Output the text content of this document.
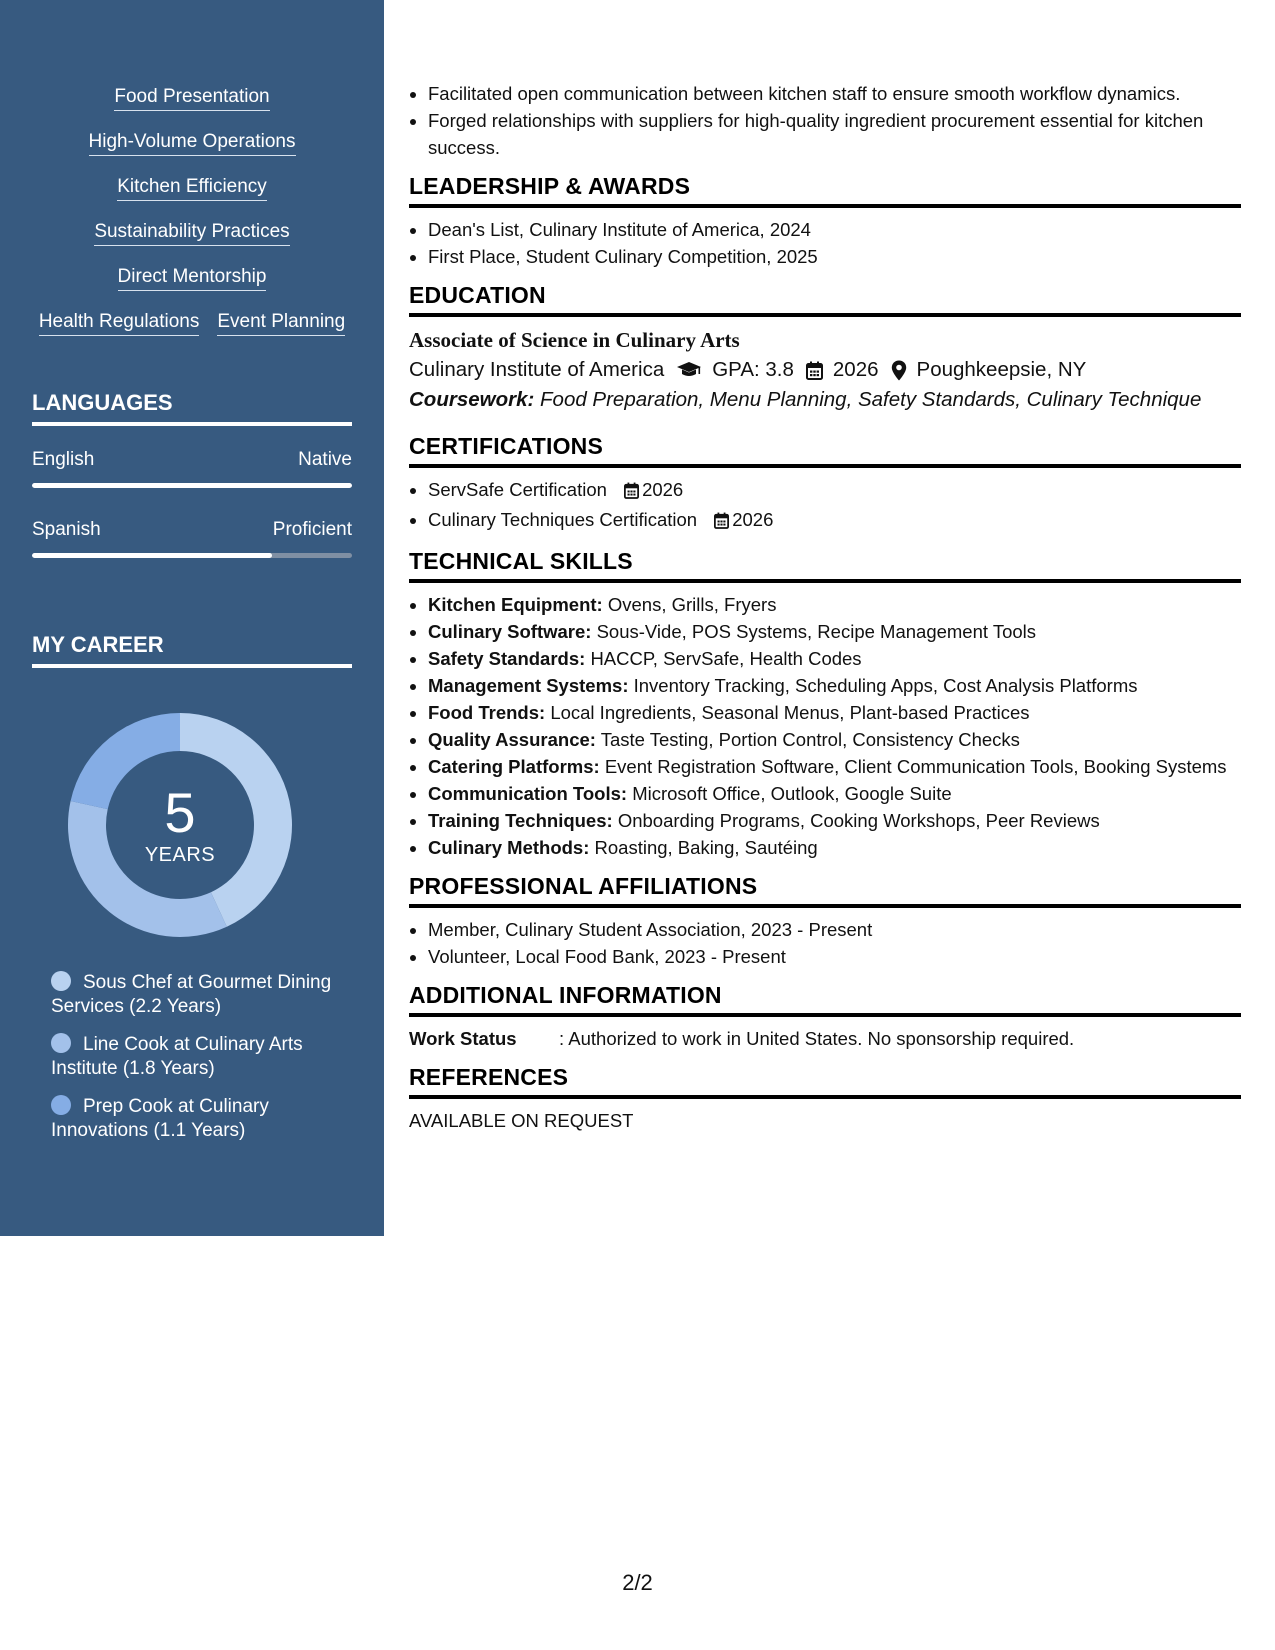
Food Presentation
High-Volume Operations
Kitchen Efficiency
Sustainability Practices
Direct Mentorship
Health Regulations Event Planning
LANGUAGES
English	Native
Spanish	Proficient
MY CAREER
5
YEARS
Sous Chef at Gourmet Dining Services (2.2 Years)
Line Cook at Culinary Arts Institute (1.8 Years)
Prep Cook at Culinary Innovations (1.1 Years)
• Facilitated open communication between kitchen staff to ensure smooth workflow dynamics.
• Forged relationships with suppliers for high-quality ingredient procurement essential for kitchen success.
LEADERSHIP & AWARDS
• Dean's List, Culinary Institute of America, 2024
• First Place, Student Culinary Competition, 2025
EDUCATION
Associate of Science in Culinary Arts
Culinary Institute of America GPA: 3.8 2026 Poughkeepsie, NY
Coursework: Food Preparation, Menu Planning, Safety Standards, Culinary Technique
CERTIFICATIONS
• ServSafe Certification 2026
• Culinary Techniques Certification 2026
TECHNICAL SKILLS
• Kitchen Equipment: Ovens, Grills, Fryers
• Culinary Software: Sous-Vide, POS Systems, Recipe Management Tools
• Safety Standards: HACCP, ServSafe, Health Codes
• Management Systems: Inventory Tracking, Scheduling Apps, Cost Analysis Platforms
• Food Trends: Local Ingredients, Seasonal Menus, Plant-based Practices
• Quality Assurance: Taste Testing, Portion Control, Consistency Checks
• Catering Platforms: Event Registration Software, Client Communication Tools, Booking Systems
• Communication Tools: Microsoft Office, Outlook, Google Suite
• Training Techniques: Onboarding Programs, Cooking Workshops, Peer Reviews
• Culinary Methods: Roasting, Baking, Sautéing
PROFESSIONAL AFFILIATIONS
• Member, Culinary Student Association, 2023 - Present
• Volunteer, Local Food Bank, 2023 - Present
ADDITIONAL INFORMATION
Work Status	: Authorized to work in United States. No sponsorship required.
REFERENCES
AVAILABLE ON REQUEST
2/2
